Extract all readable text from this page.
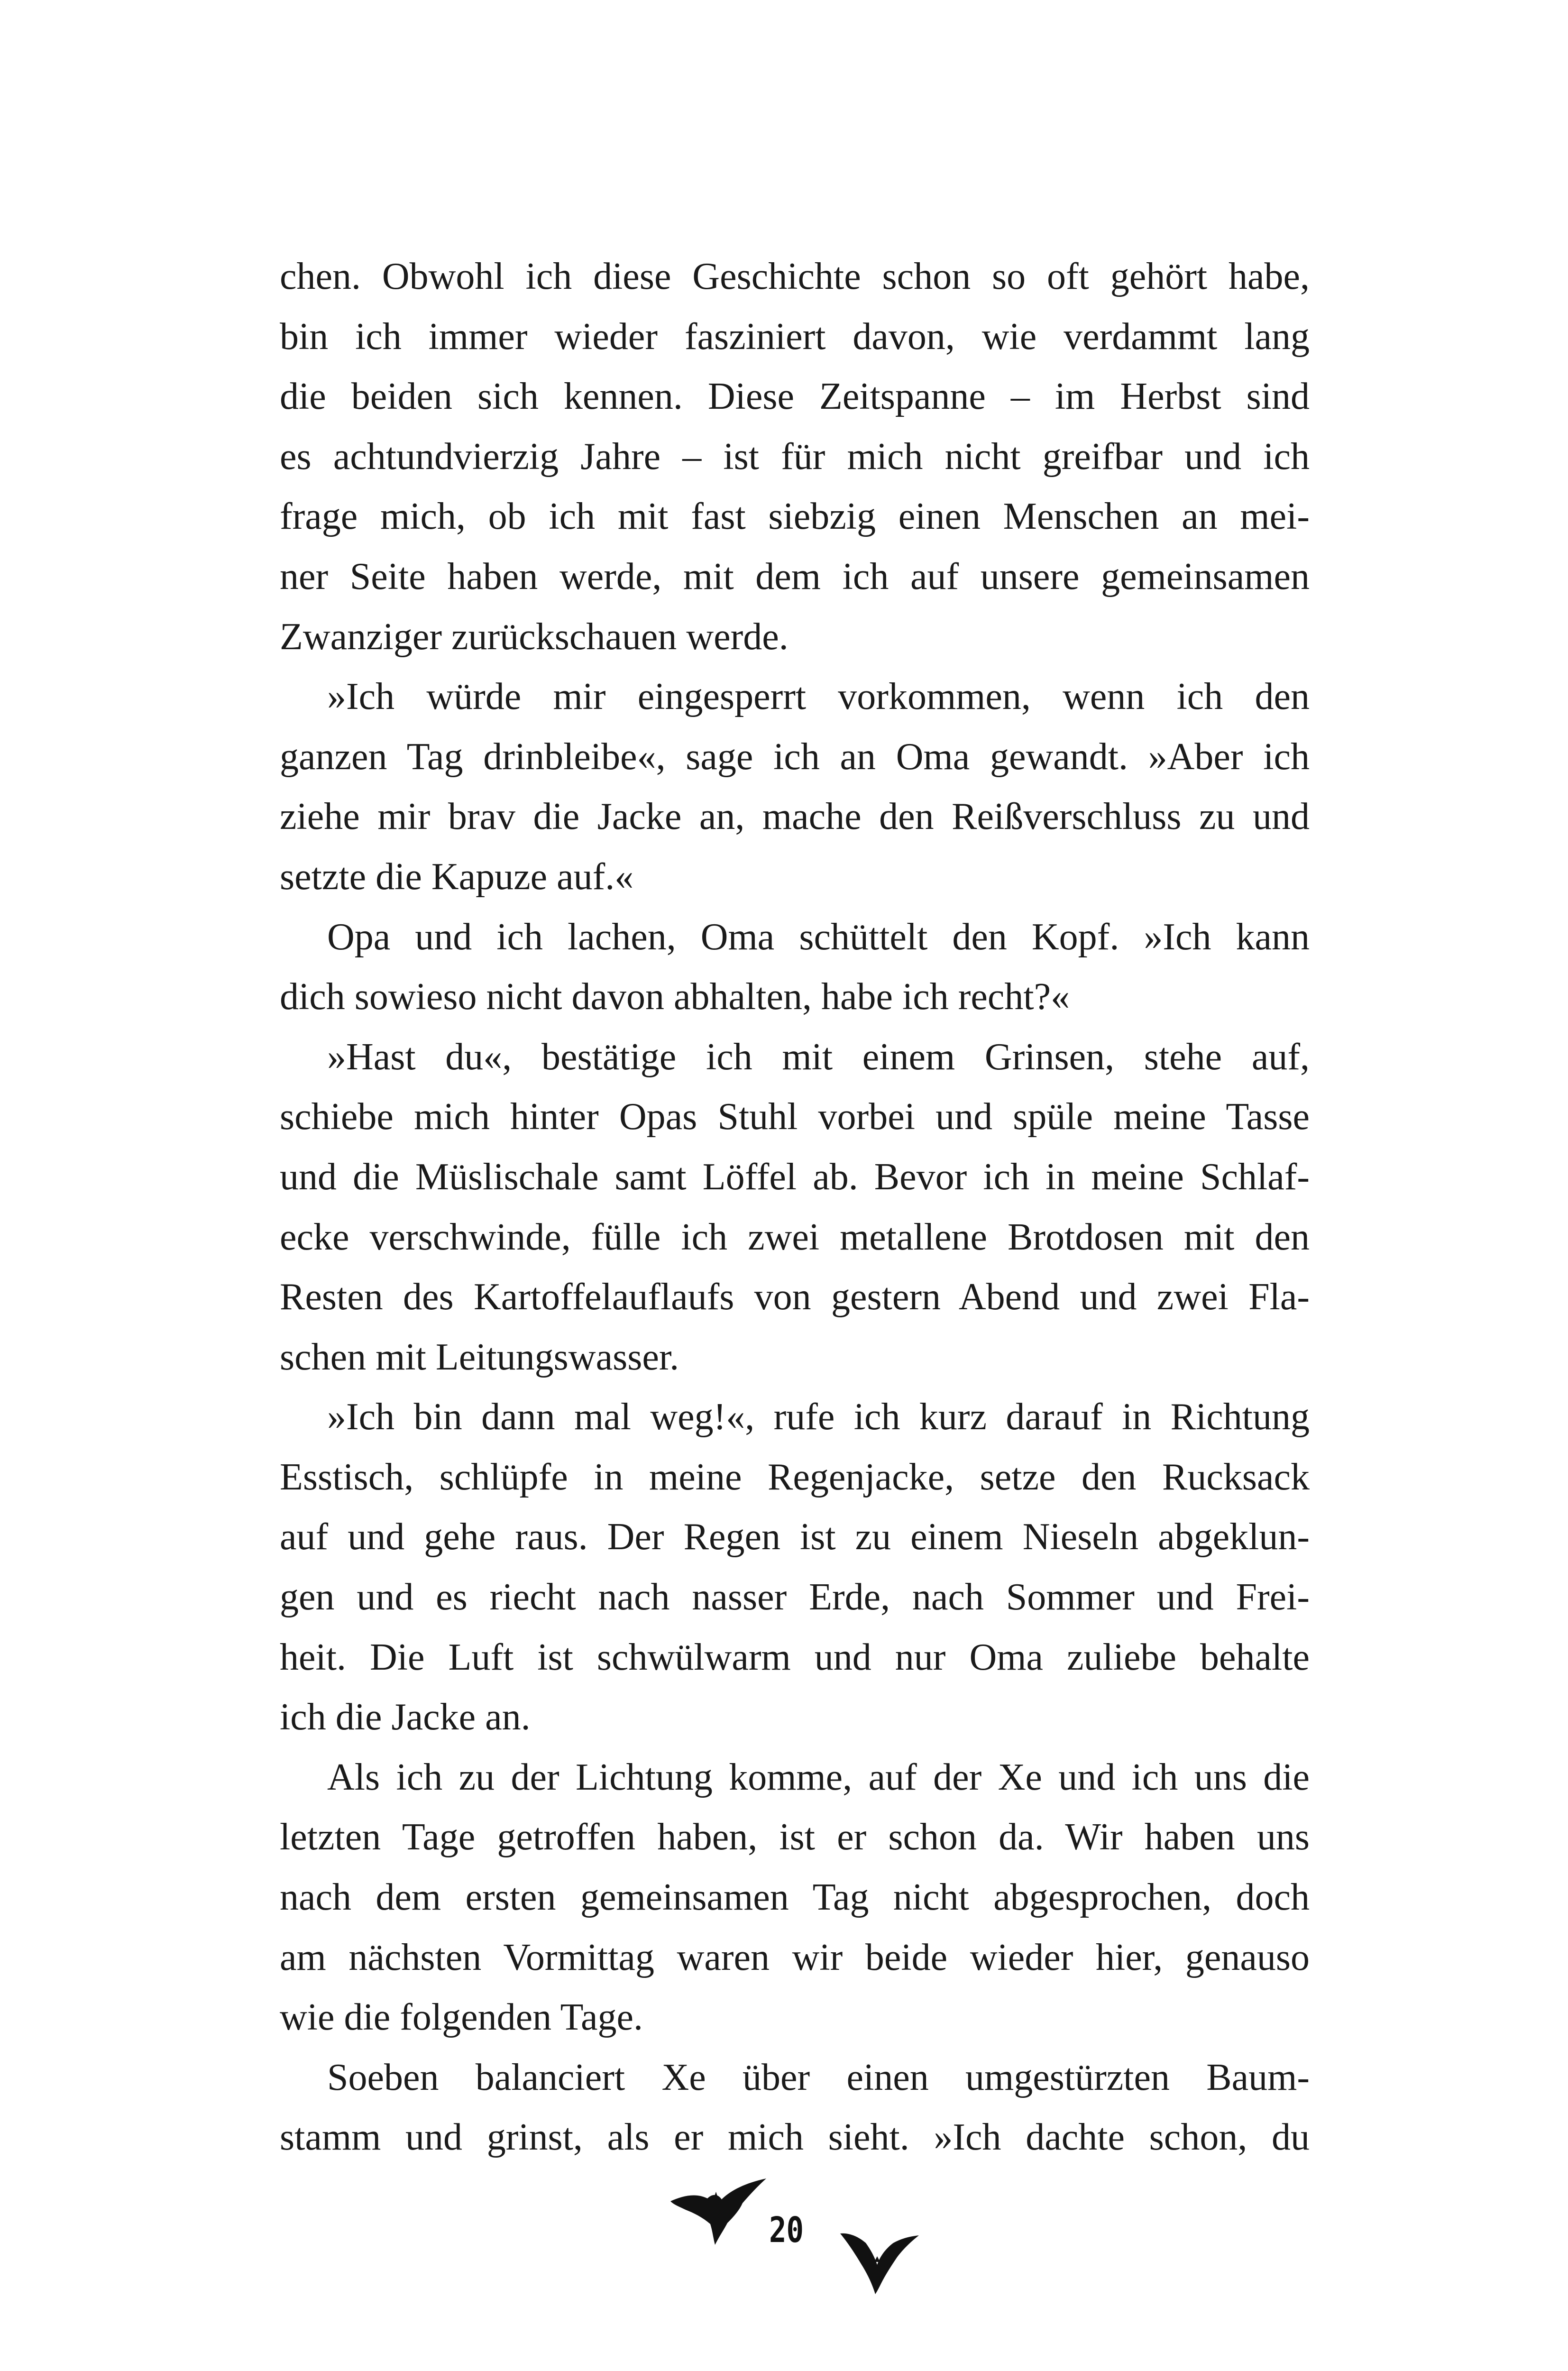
chen. Obwohl ich diese Geschichte schon so oft gehört habe,
bin ich immer wieder fasziniert davon, wie verdammt lang
die beiden sich kennen. Diese Zeitspanne – im Herbst sind
es achtundvierzig Jahre – ist für mich nicht greifbar und ich
frage mich, ob ich mit fast siebzig einen Menschen an mei-
ner Seite haben werde, mit dem ich auf unsere gemeinsamen
Zwanziger zurückschauen werde.
»Ich würde mir eingesperrt vorkommen, wenn ich den
ganzen Tag drinbleibe«, sage ich an Oma gewandt. »Aber ich
ziehe mir brav die Jacke an, mache den Reißverschluss zu und
setzte die Kapuze auf.«
Opa und ich lachen, Oma schüttelt den Kopf. »Ich kann
dich sowieso nicht davon abhalten, habe ich recht?«
»Hast du«, bestätige ich mit einem Grinsen, stehe auf,
schiebe mich hinter Opas Stuhl vorbei und spüle meine Tasse
und die Müslischale samt Löffel ab. Bevor ich in meine Schlaf-
ecke verschwinde, fülle ich zwei metallene Brotdosen mit den
Resten des Kartoffelauflaufs von gestern Abend und zwei Fla-
schen mit Leitungswasser.
»Ich bin dann mal weg!«, rufe ich kurz darauf in Richtung
Esstisch, schlüpfe in meine Regenjacke, setze den Rucksack
auf und gehe raus. Der Regen ist zu einem Nieseln abgeklun-
gen und es riecht nach nasser Erde, nach Sommer und Frei-
heit. Die Luft ist schwülwarm und nur Oma zuliebe behalte
ich die Jacke an.
Als ich zu der Lichtung komme, auf der Xe und ich uns die
letzten Tage getroffen haben, ist er schon da. Wir haben uns
nach dem ersten gemeinsamen Tag nicht abgesprochen, doch
am nächsten Vormittag waren wir beide wieder hier, genauso
wie die folgenden Tage.
Soeben balanciert Xe über einen umgestürzten Baum-
stamm und grinst, als er mich sieht. »Ich dachte schon, du
20
